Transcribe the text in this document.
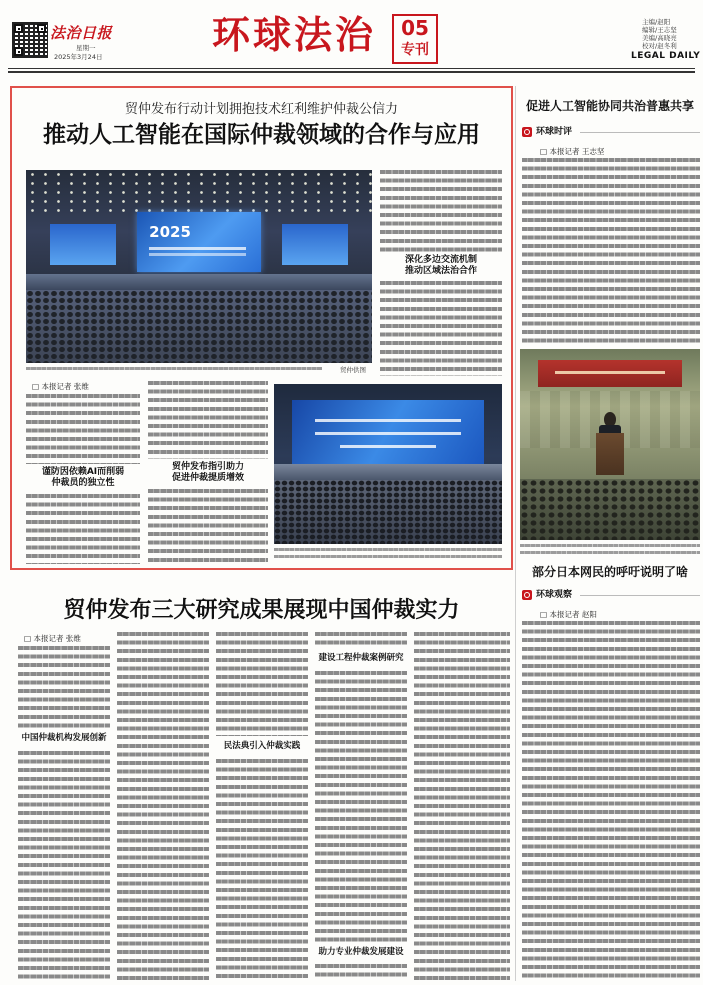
法治日报
星期一
2025年3月24日	环球法治	05
专刊
主编/赵阳
编辑/王志坚
美编/高晓亮
校对/赵冬利
LEGAL DAILY
贸仲发布行动计划拥抱技术红利维护仲裁公信力
推动人工智能在国际仲裁领域的合作与应用
2025
贸仲供图
深化多边交流机制
推动区域法治合作
□ 本报记者 张维
谨防因依赖AI而削弱
仲裁员的独立性
贸仲发布指引助力
促进仲裁提质增效
贸仲发布三大研究成果展现中国仲裁实力
□ 本报记者 张维
中国仲裁机构发展创新
民法典引入仲裁实践
建设工程仲裁案例研究
助力专业仲裁发展建设
促进人工智能协同共治普惠共享
环球时评
□ 本报记者 王志坚
部分日本网民的呼吁说明了啥
环球观察
□ 本报记者 赵阳
